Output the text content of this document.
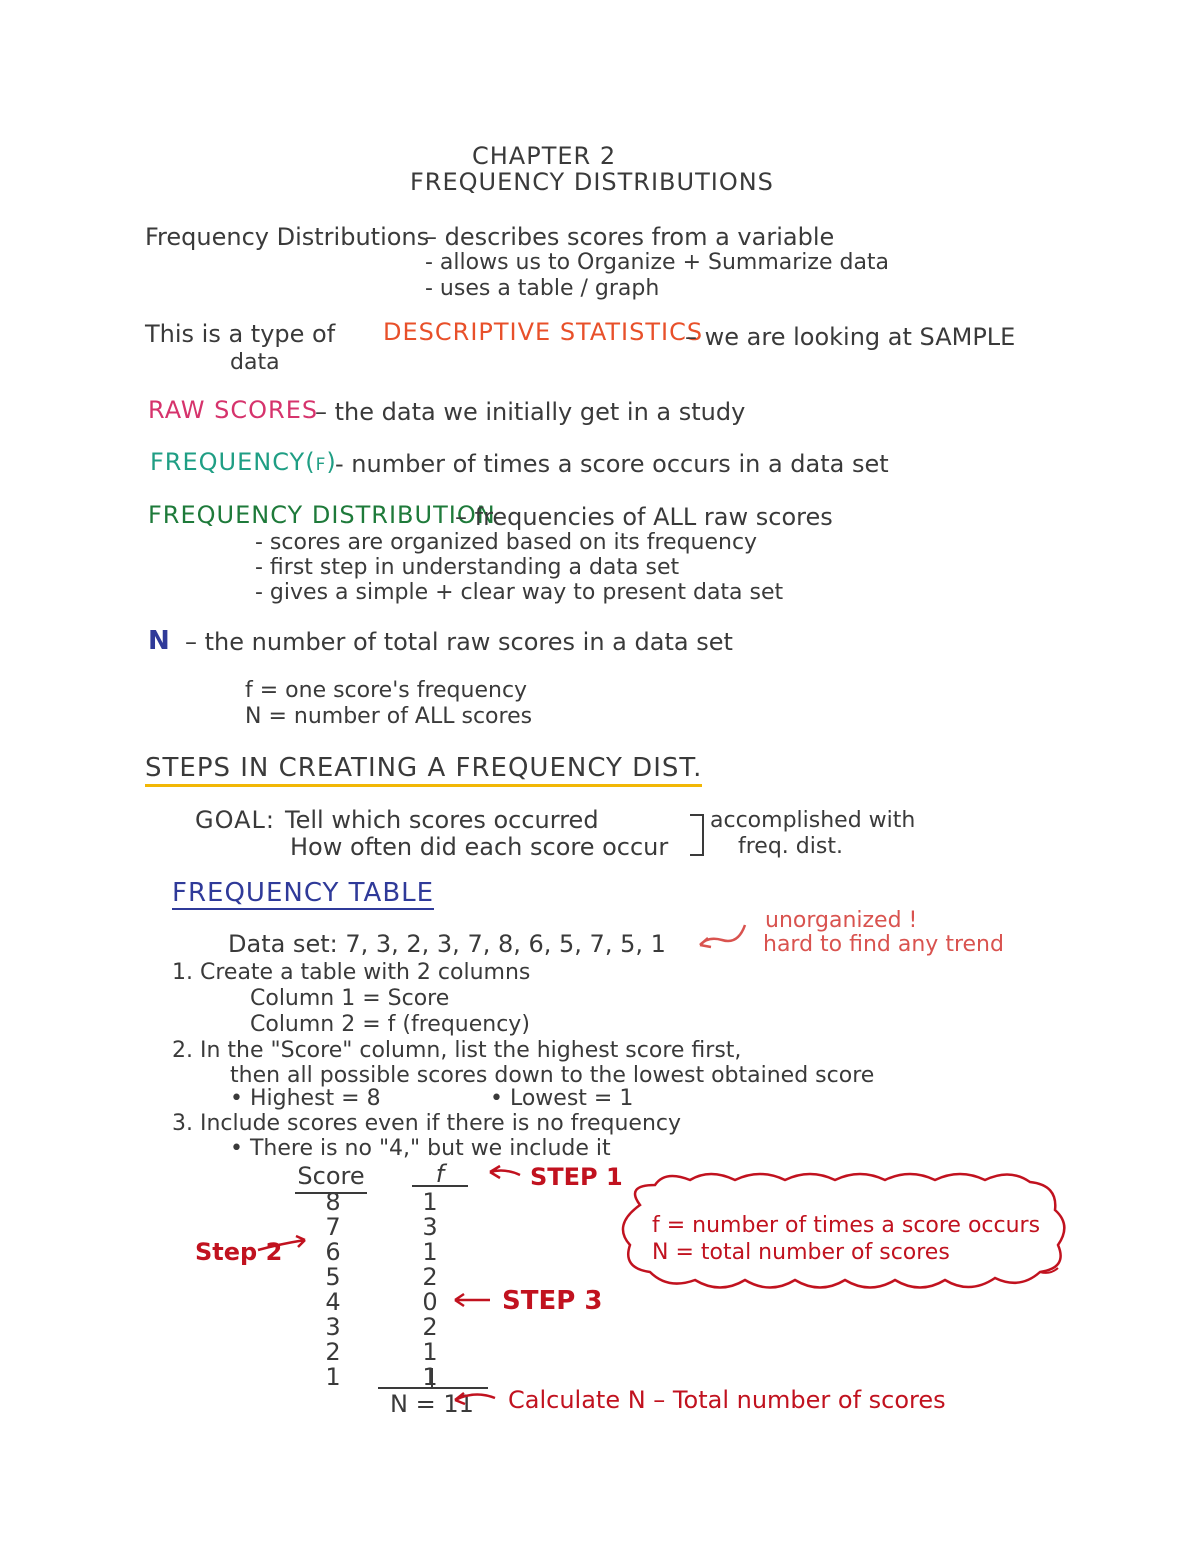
CHAPTER 2
FREQUENCY DISTRIBUTIONS
Frequency Distributions
– describes scores from a variable
- allows us to Organize + Summarize data
- uses a table / graph
This is a type of DESCRIPTIVE STATISTICS
– we are looking at SAMPLE
data
RAW SCORES
– the data we initially get in a study
FREQUENCY(f)
- number of times a score occurs in a data set
FREQUENCY DISTRIBUTION
– frequencies of ALL raw scores
- scores are organized based on its frequency
- first step in understanding a data set
- gives a simple + clear way to present data set
N – the number of total raw scores in a data set
f = one score's frequency
N = number of ALL scores
STEPS IN CREATING A FREQUENCY DIST.
GOAL: Tell which scores occurred
How often did each score occur
accomplished with
freq. dist.
FREQUENCY TABLE
Data set: 7, 3, 2, 3, 7, 8, 6, 5, 7, 5, 1
unorganized !
hard to find any trend
1. Create a table with 2 columns
Column 1 = Score
Column 2 = f (frequency)
2. In the "Score" column, list the highest score first,
then all possible scores down to the lowest obtained score
• Highest = 8	• Lowest = 1
3. Include scores even if there is no frequency
• There is no "4," but we include it
Score	f
8
7
6
5
4
3
2
1
1
3
1
2
0
2
1
1
N = 11
STEP 1
Step 2
STEP 3
Calculate N – Total number of scores
f = number of times a score occurs
N = total number of scores
